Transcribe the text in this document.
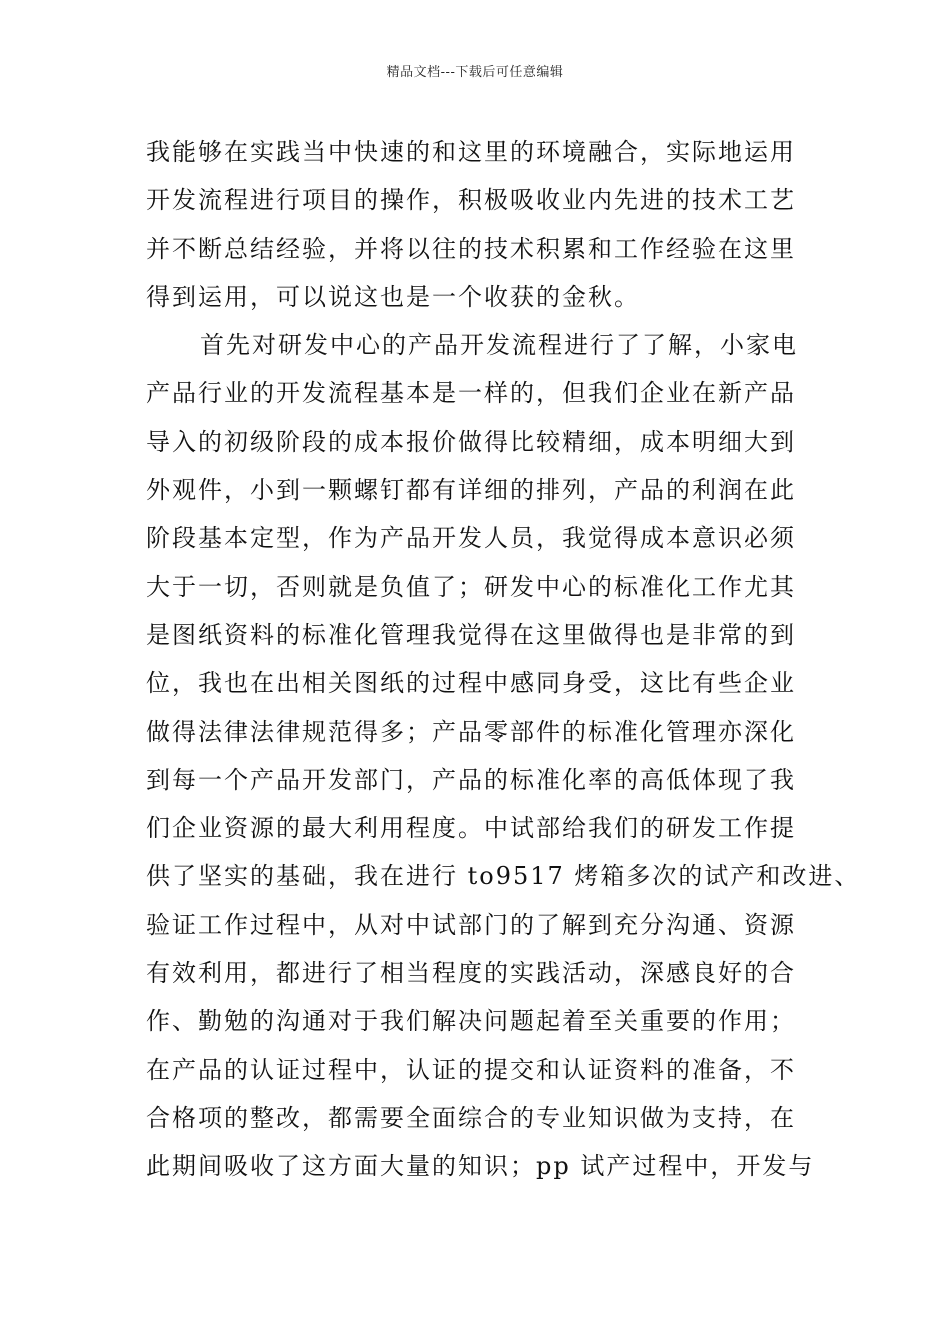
精品文档---下载后可任意编辑
我能够在实践当中快速的和这里的环境融合，实际地运用
开发流程进行项目的操作，积极吸收业内先进的技术工艺
并不断总结经验，并将以往的技术积累和工作经验在这里
得到运用，可以说这也是一个收获的金秋。
首先对研发中心的产品开发流程进行了了解，小家电
产品行业的开发流程基本是一样的，但我们企业在新产品
导入的初级阶段的成本报价做得比较精细，成本明细大到
外观件，小到一颗螺钉都有详细的排列，产品的利润在此
阶段基本定型，作为产品开发人员，我觉得成本意识必须
大于一切，否则就是负值了；研发中心的标准化工作尤其
是图纸资料的标准化管理我觉得在这里做得也是非常的到
位，我也在出相关图纸的过程中感同身受，这比有些企业
做得法律法律规范得多；产品零部件的标准化管理亦深化
到每一个产品开发部门，产品的标准化率的高低体现了我
们企业资源的最大利用程度。中试部给我们的研发工作提
供了坚实的基础，我在进行 to9517 烤箱多次的试产和改进、
验证工作过程中，从对中试部门的了解到充分沟通、资源
有效利用，都进行了相当程度的实践活动，深感良好的合
作、勤勉的沟通对于我们解决问题起着至关重要的作用；
在产品的认证过程中，认证的提交和认证资料的准备，不
合格项的整改，都需要全面综合的专业知识做为支持，在
此期间吸收了这方面大量的知识；pp 试产过程中，开发与
